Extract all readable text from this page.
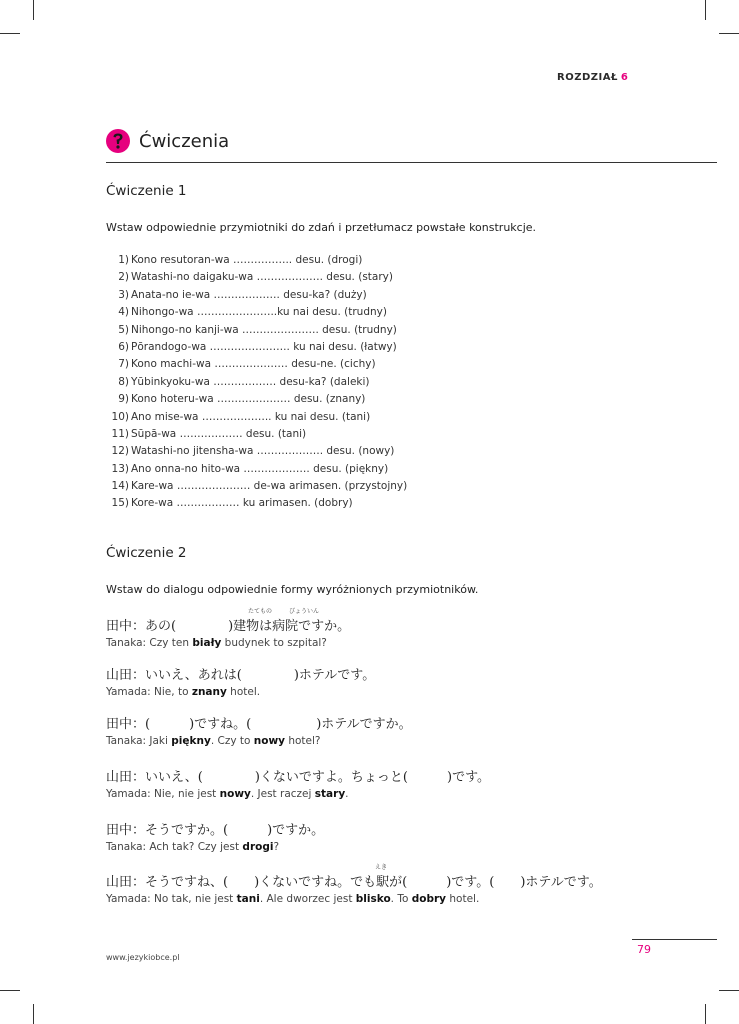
ROZDZIAŁ 6
Ćwiczenia
Ćwiczenie 1
Wstaw odpowiednie przymiotniki do zdań i przetłumacz powstałe konstrukcje.
1) Kono resutoran-wa …………….. desu. (drogi)
2) Watashi-no daigaku-wa ………………. desu. (stary)
3) Anata-no ie-wa ………………. desu-ka? (duży)
4) Nihongo-wa …………………..ku nai desu. (trudny)
5) Nihongo-no kanji-wa …………………. desu. (trudny)
6) Pōrandogo-wa ………………….. ku nai desu. (łatwy)
7) Kono machi-wa ………………… desu-ne. (cichy)
8) Yūbinkyoku-wa ……………… desu-ka? (daleki)
9) Kono hoteru-wa ………………… desu. (znany)
10) Ano mise-wa ……………….. ku nai desu. (tani)
11) Sūpā-wa ……………… desu. (tani)
12) Watashi-no jitensha-wa ………………. desu. (nowy)
13) Ano onna-no hito-wa ………………. desu. (piękny)
14) Kare-wa ………………… de-wa arimasen. (przystojny)
15) Kore-wa ……………… ku arimasen. (dobry)
Ćwiczenie 2
Wstaw do dialogu odpowiednie formy wyróżnionych przymiotników.
たてもの	びょういん
田中：あの(　　　　)建物は病院ですか。
Tanaka: Czy ten biały budynek to szpital?
山田：いいえ、あれは(　　　　)ホテルです。
Yamada: Nie, to znany hotel.
田中：(　　　)ですね。(　　　　　)ホテルですか。
Tanaka: Jaki piękny. Czy to nowy hotel?
山田：いいえ、(　　　　)くないですよ。ちょっと(　　　)です。
Yamada: Nie, nie jest nowy. Jest raczej stary.
田中：そうですか。(　　　)ですか。
Tanaka: Ach tak? Czy jest drogi?
えき
山田：そうですね、(　　)くないですね。でも駅が(　　　)です。(　　)ホテルです。
Yamada: No tak, nie jest tani. Ale dworzec jest blisko. To dobry hotel.
79
www.jezykiobce.pl
